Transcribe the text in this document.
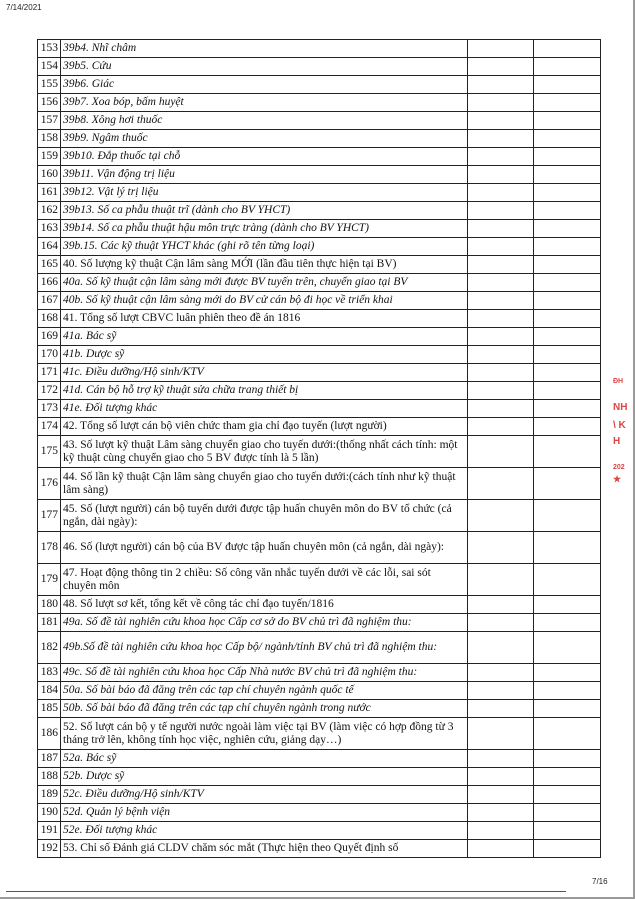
7/14/2021
ĐH
NH
\ K
H
202
★
153	39b4. Nhĩ châm		
154	39b5. Cứu		
155	39b6. Giác		
156	39b7. Xoa bóp, bấm huyệt		
157	39b8. Xông hơi thuốc		
158	39b9. Ngâm thuốc		
159	39b10. Đắp thuốc tại chỗ		
160	39b11. Vận động trị liệu		
161	39b12. Vật lý trị liệu		
162	39b13. Số ca phẫu thuật trĩ (dành cho BV YHCT)		
163	39b14. Số ca phẫu thuật hậu môn trực tràng (dành cho BV YHCT)		
164	39b.15. Các kỹ thuật YHCT khác (ghi rõ tên từng loại)		
165	40. Số lượng kỹ thuật Cận lâm sàng MỚI (lần đầu tiên thực hiện tại BV)		
166	40a. Số kỹ thuật cận lâm sàng mới được BV tuyến trên, chuyển giao tại BV		
167	40b. Số kỹ thuật cận lâm sàng mới do BV cử cán bộ đi học về triển khai		
168	41. Tổng số lượt CBVC luân phiên theo đề án 1816		
169	41a. Bác sỹ		
170	41b. Dược sỹ		
171	41c. Điều dưỡng/Hộ sinh/KTV		
172	41d. Cán bộ hỗ trợ kỹ thuật sửa chữa trang thiết bị		
173	41e. Đối tượng khác		
174	42. Tổng số lượt cán bộ viên chức tham gia chỉ đạo tuyến (lượt người)		
175	43. Số lượt kỹ thuật Lâm sàng chuyển giao cho tuyến dưới:(thống nhất cách tính: một kỹ thuật cùng chuyển giao cho 5 BV được tính là 5 lần)		
176	44. Số lần kỹ thuật Cận lâm sàng chuyển giao cho tuyến dưới:(cách tính như kỹ thuật lâm sàng)		
177	45. Số (lượt người) cán bộ tuyến dưới được tập huấn chuyên môn do BV tổ chức (cả ngắn, dài ngày):		
178	46. Số (lượt người) cán bộ của BV được tập huấn chuyên môn (cả ngắn, dài ngày):		
179	47. Hoạt động thông tin 2 chiều: Số công văn nhắc tuyến dưới về các lỗi, sai sót chuyên môn		
180	48. Số lượt sơ kết, tổng kết về công tác chỉ đạo tuyến/1816		
181	49a. Số đề tài nghiên cứu khoa học Cấp cơ sở do BV chủ trì đã nghiệm thu:		
182	49b.Số đề tài nghiên cứu khoa học Cấp bộ/ ngành/tỉnh BV chủ trì đã nghiệm thu:		
183	49c. Số đề tài nghiên cứu khoa học Cấp Nhà nước BV chủ trì đã nghiệm thu:		
184	50a. Số bài báo đã đăng trên các tạp chí chuyên ngành quốc tế		
185	50b. Số bài báo đã đăng trên các tạp chí chuyên ngành trong nước		
186	52. Số lượt cán bộ y tế người nước ngoài làm việc tại BV (làm việc có hợp đồng từ 3 tháng trở lên, không tính học việc, nghiên cứu, giảng dạy…)		
187	52a. Bác sỹ		
188	52b. Dược sỹ		
189	52c. Điều dưỡng/Hộ sinh/KTV		
190	52d. Quản lý bệnh viện		
191	52e. Đối tượng khác		
192	53. Chỉ số Đánh giá CLDV chăm sóc mắt (Thực hiện theo Quyết định số		
7/16
